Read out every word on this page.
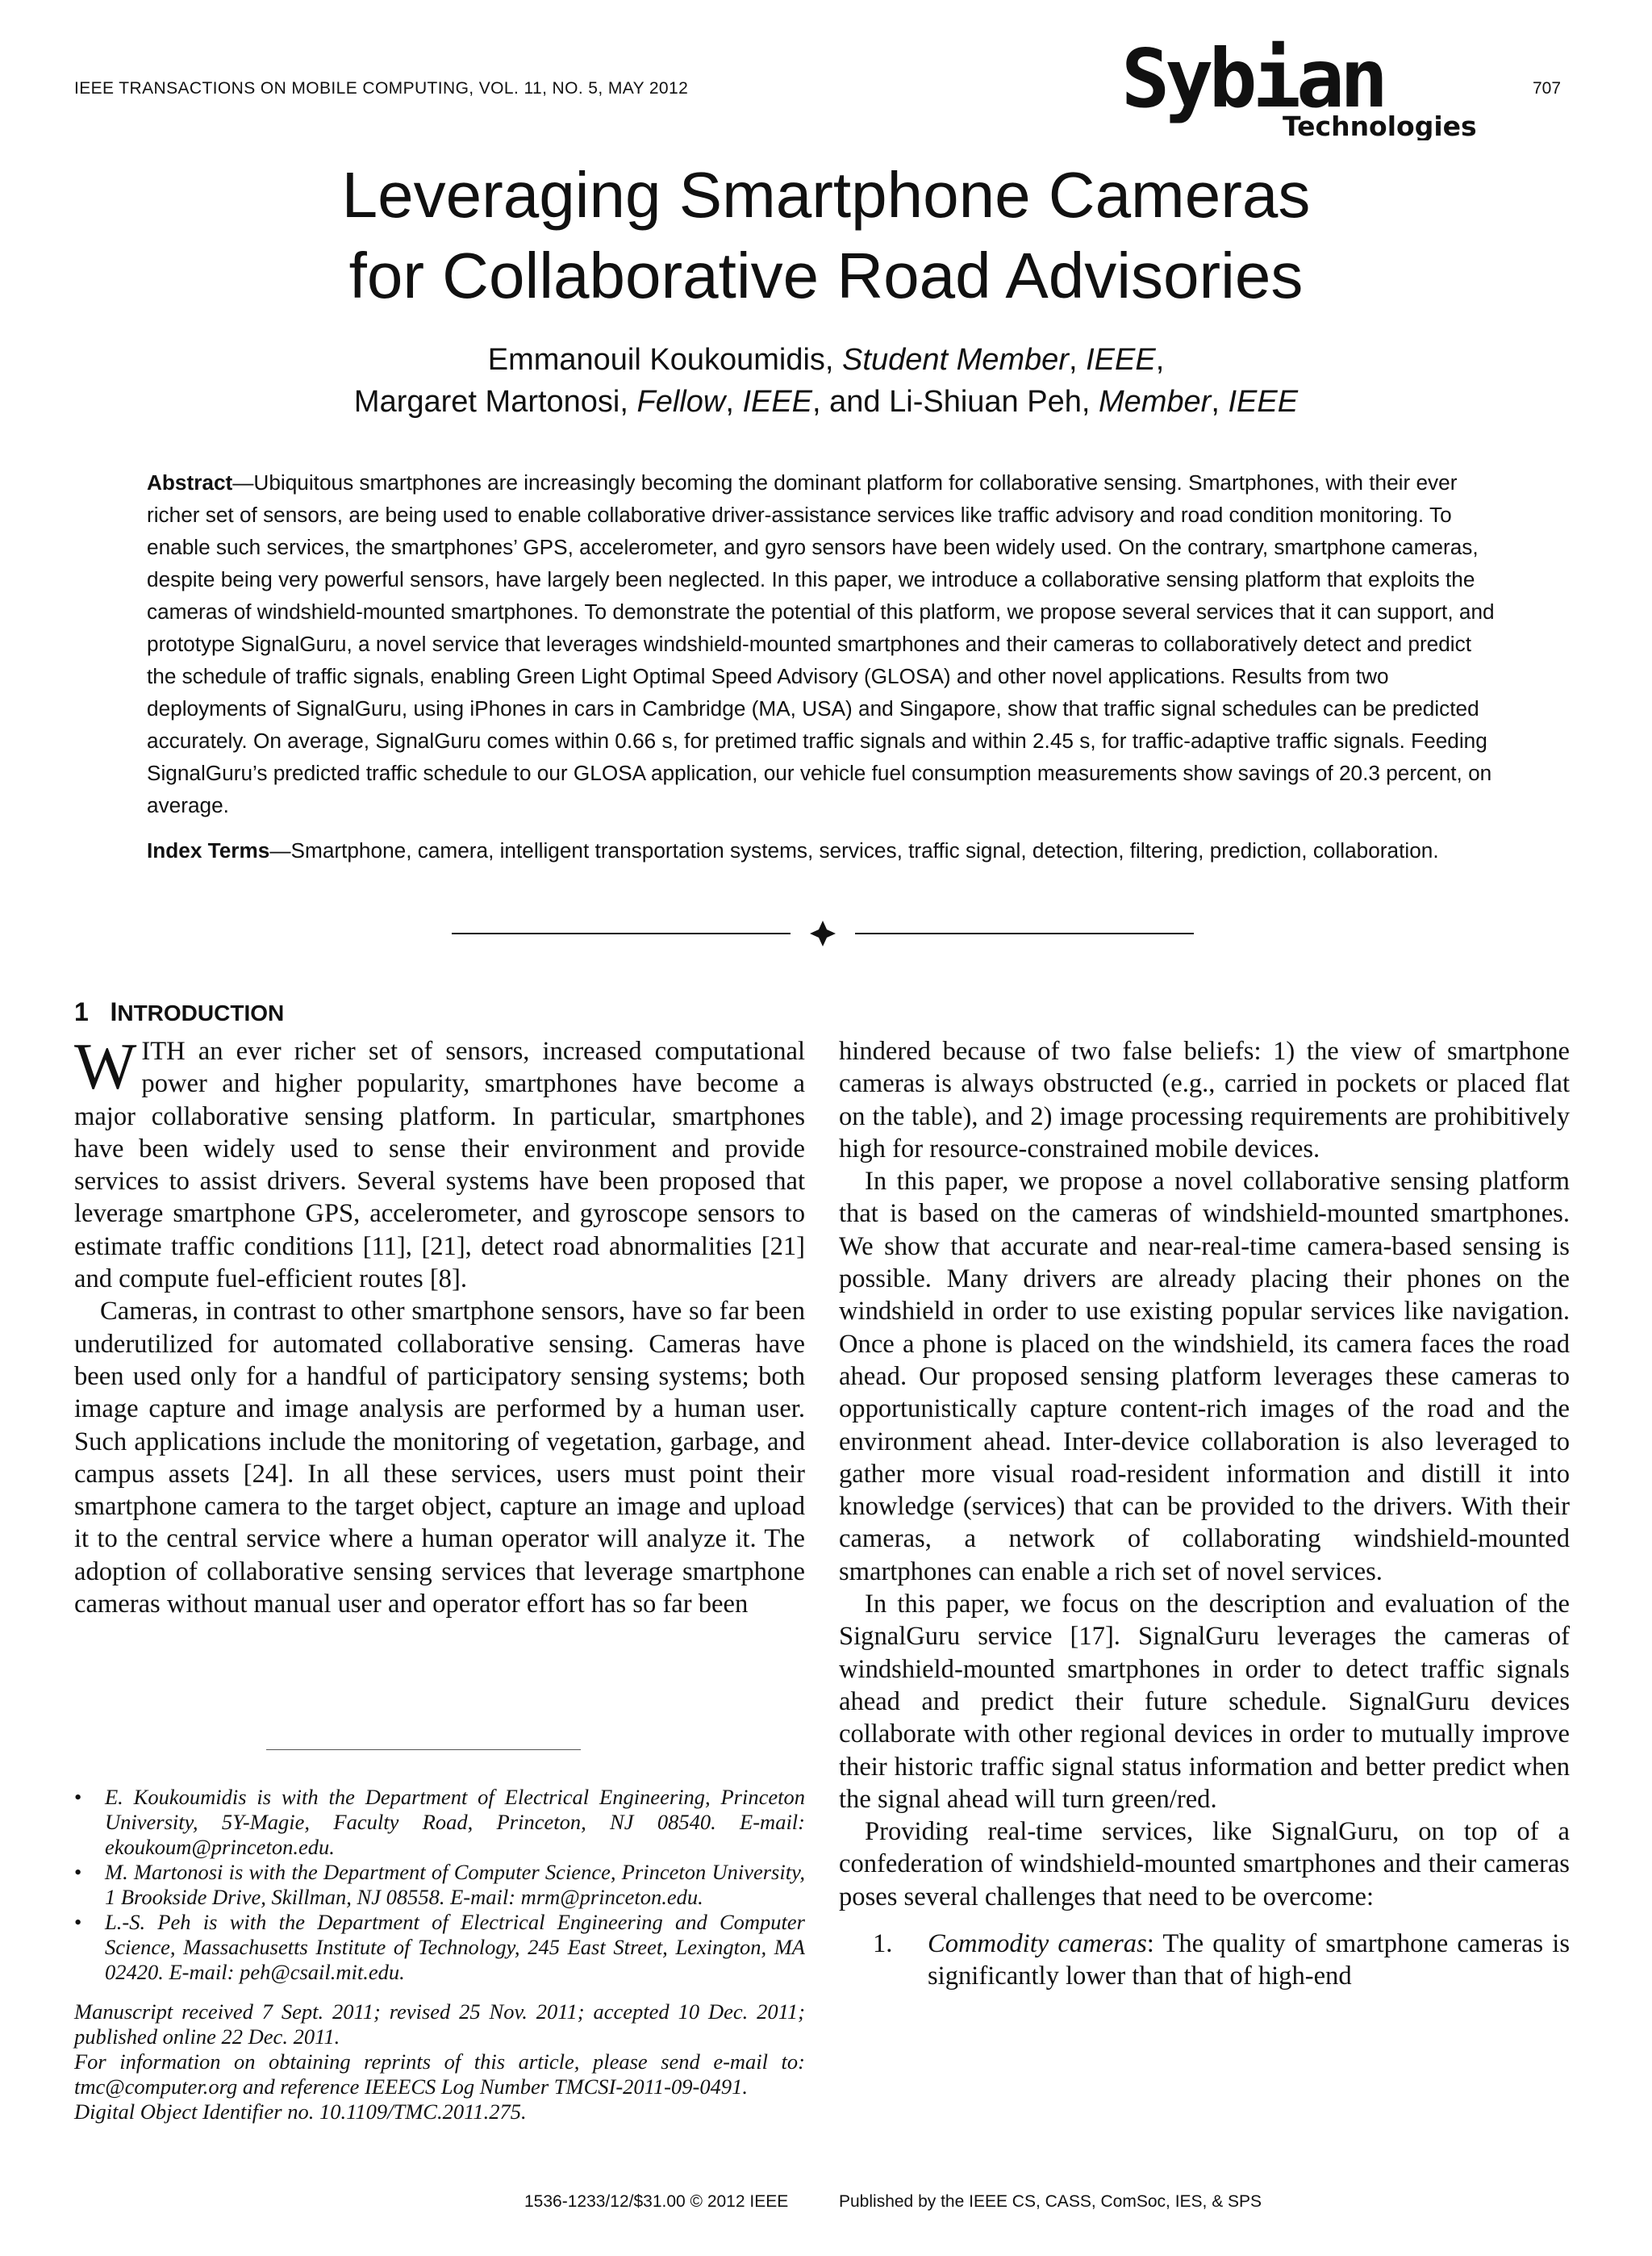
IEEE TRANSACTIONS ON MOBILE COMPUTING, VOL. 11, NO. 5, MAY 2012	707
Sybian
Technologies
Leveraging Smartphone Cameras
for Collaborative Road Advisories
Emmanouil Koukoumidis, Student Member, IEEE,
Margaret Martonosi, Fellow, IEEE, and Li-Shiuan Peh, Member, IEEE
Abstract—Ubiquitous smartphones are increasingly becoming the dominant platform for collaborative sensing. Smartphones, with their ever richer set of sensors, are being used to enable collaborative driver-assistance services like traffic advisory and road condition monitoring. To enable such services, the smartphones’ GPS, accelerometer, and gyro sensors have been widely used. On the contrary, smartphone cameras, despite being very powerful sensors, have largely been neglected. In this paper, we introduce a collaborative sensing platform that exploits the cameras of windshield-mounted smartphones. To demonstrate the potential of this platform, we propose several services that it can support, and prototype SignalGuru, a novel service that leverages windshield-mounted smartphones and their cameras to collaboratively detect and predict the schedule of traffic signals, enabling Green Light Optimal Speed Advisory (GLOSA) and other novel applications. Results from two deployments of SignalGuru, using iPhones in cars in Cambridge (MA, USA) and Singapore, show that traffic signal schedules can be predicted accurately. On average, SignalGuru comes within 0.66 s, for pretimed traffic signals and within 2.45 s, for traffic-adaptive traffic signals. Feeding SignalGuru’s predicted traffic schedule to our GLOSA application, our vehicle fuel consumption measurements show savings of 20.3 percent, on average.
Index Terms—Smartphone, camera, intelligent transportation systems, services, traffic signal, detection, filtering, prediction, collaboration.
1 INTRODUCTION

WITH an ever richer set of sensors, increased computational power and higher popularity, smartphones have become a major collaborative sensing platform. In particular, smartphones have been widely used to sense their environment and provide services to assist drivers. Several systems have been proposed that leverage smartphone GPS, accelerometer, and gyroscope sensors to estimate traffic conditions [11], [21], detect road abnormalities [21] and compute fuel-efficient routes [8].

Cameras, in contrast to other smartphone sensors, have so far been underutilized for automated collaborative sensing. Cameras have been used only for a handful of participatory sensing systems; both image capture and image analysis are performed by a human user. Such applications include the monitoring of vegetation, garbage, and campus assets [24]. In all these services, users must point their smartphone camera to the target object, capture an image and upload it to the central service where a human operator will analyze it. The adoption of collaborative sensing services that leverage smartphone cameras without manual user and operator effort has so far been

• E. Koukoumidis is with the Department of Electrical Engineering, Princeton University, 5Y-Magie, Faculty Road, Princeton, NJ 08540. E-mail: ekoukoum@princeton.edu.
• M. Martonosi is with the Department of Computer Science, Princeton University, 1 Brookside Drive, Skillman, NJ 08558. E-mail: mrm@princeton.edu.
• L.-S. Peh is with the Department of Electrical Engineering and Computer Science, Massachusetts Institute of Technology, 245 East Street, Lexington, MA 02420. E-mail: peh@csail.mit.edu.
Manuscript received 7 Sept. 2011; revised 25 Nov. 2011; accepted 10 Dec. 2011; published online 22 Dec. 2011.
For information on obtaining reprints of this article, please send e-mail to: tmc@computer.org and reference IEEECS Log Number TMCSI-2011-09-0491.
Digital Object Identifier no. 10.1109/TMC.2011.275.

hindered because of two false beliefs: 1) the view of smartphone cameras is always obstructed (e.g., carried in pockets or placed flat on the table), and 2) image processing requirements are prohibitively high for resource-constrained mobile devices.

In this paper, we propose a novel collaborative sensing platform that is based on the cameras of windshield-mounted smartphones. We show that accurate and near-real-time camera-based sensing is possible. Many drivers are already placing their phones on the windshield in order to use existing popular services like navigation. Once a phone is placed on the windshield, its camera faces the road ahead. Our proposed sensing platform leverages these cameras to opportunistically capture content-rich images of the road and the environment ahead. Inter-device collaboration is also leveraged to gather more visual road-resident information and distill it into knowledge (services) that can be provided to the drivers. With their cameras, a network of collaborating windshield-mounted smartphones can enable a rich set of novel services.

In this paper, we focus on the description and evaluation of the SignalGuru service [17]. SignalGuru leverages the cameras of windshield-mounted smartphones in order to detect traffic signals ahead and predict their future schedule. SignalGuru devices collaborate with other regional devices in order to mutually improve their historic traffic signal status information and better predict when the signal ahead will turn green/red.

Providing real-time services, like SignalGuru, on top of a confederation of windshield-mounted smartphones and their cameras poses several challenges that need to be overcome:

1. Commodity cameras: The quality of smartphone cameras is significantly lower than that of high-end
1536-1233/12/$31.00 © 2012 IEEE	Published by the IEEE CS, CASS, ComSoc, IES, & SPS
